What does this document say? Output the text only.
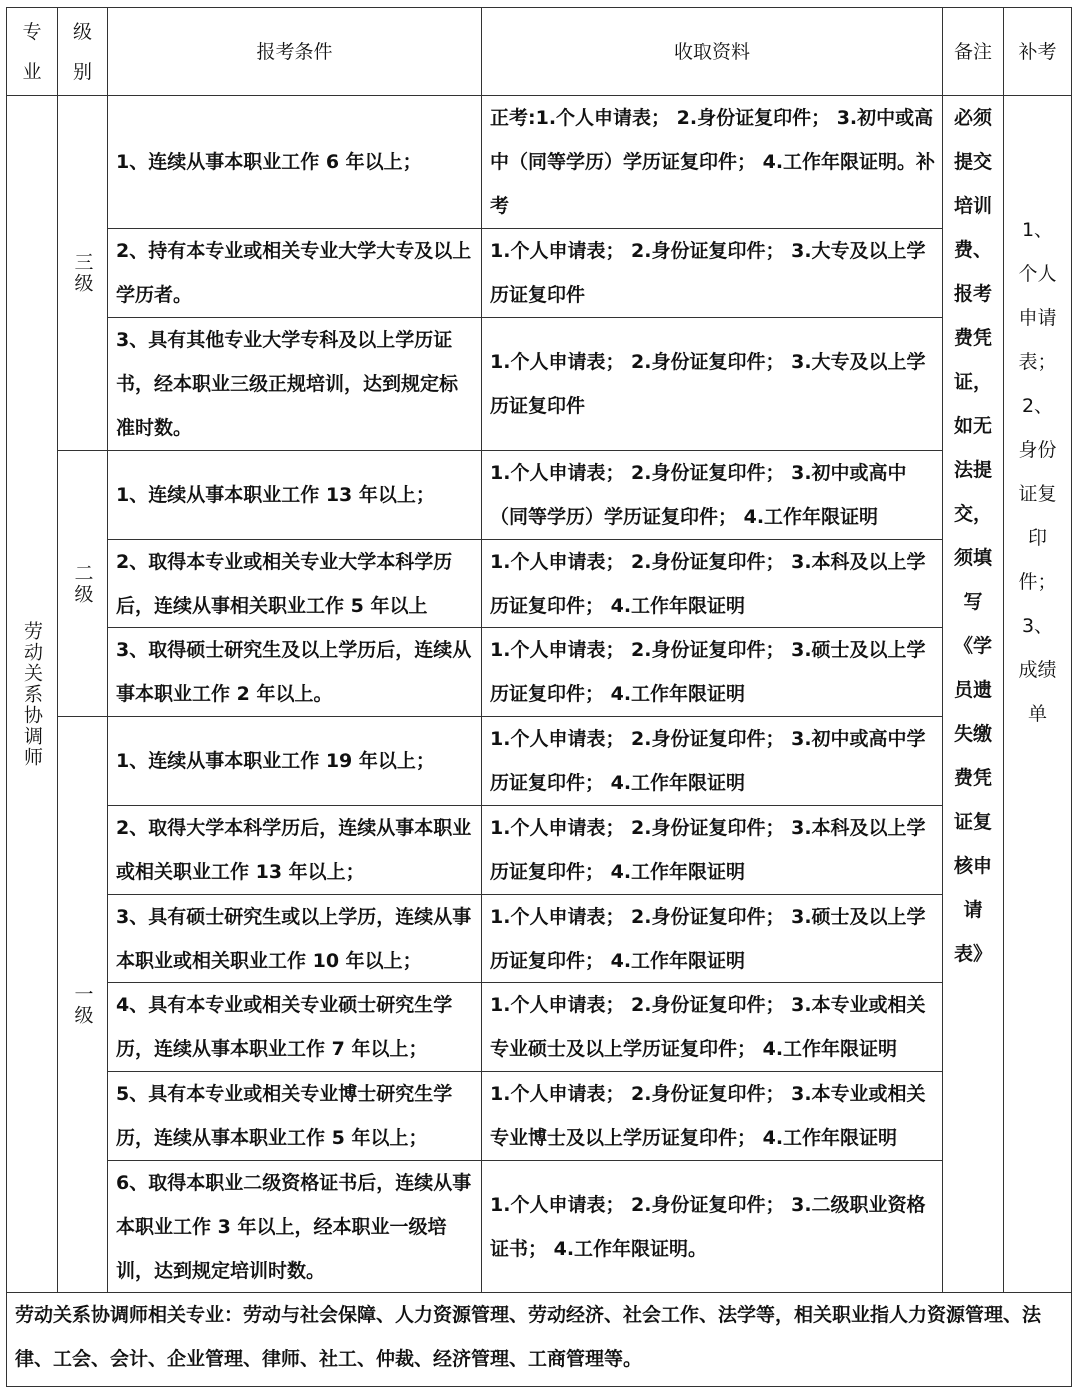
专业
级别
报考条件	收取资料	备注 补考
劳动关系协调师
三级
二级
一级
1、连续从事本职业工作 6 年以上；
正考:1.个人申请表； 2.身份证复印件； 3.初中或高中（同等学历）学历证复印件； 4.工作年限证明。补考
2、持有本专业或相关专业大学大专及以上学历者。
1.个人申请表； 2.身份证复印件； 3.大专及以上学历证复印件
3、具有其他专业大学专科及以上学历证书，经本职业三级正规培训，达到规定标准时数。
1.个人申请表； 2.身份证复印件； 3.大专及以上学历证复印件
1、连续从事本职业工作 13 年以上；
1.个人申请表； 2.身份证复印件； 3.初中或高中（同等学历）学历证复印件； 4.工作年限证明
2、取得本专业或相关专业大学本科学历后，连续从事相关职业工作 5 年以上
1.个人申请表； 2.身份证复印件； 3.本科及以上学历证复印件； 4.工作年限证明
3、取得硕士研究生及以上学历后，连续从事本职业工作 2 年以上。
1.个人申请表； 2.身份证复印件； 3.硕士及以上学历证复印件； 4.工作年限证明
1、连续从事本职业工作 19 年以上；
1.个人申请表； 2.身份证复印件； 3.初中或高中学历证复印件； 4.工作年限证明
2、取得大学本科学历后，连续从事本职业或相关职业工作 13 年以上；
1.个人申请表； 2.身份证复印件； 3.本科及以上学历证复印件； 4.工作年限证明
3、具有硕士研究生或以上学历，连续从事本职业或相关职业工作 10 年以上；
1.个人申请表； 2.身份证复印件； 3.硕士及以上学历证复印件； 4.工作年限证明
4、具有本专业或相关专业硕士研究生学历，连续从事本职业工作 7 年以上；
1.个人申请表； 2.身份证复印件； 3.本专业或相关专业硕士及以上学历证复印件； 4.工作年限证明
5、具有本专业或相关专业博士研究生学历，连续从事本职业工作 5 年以上；
1.个人申请表； 2.身份证复印件； 3.本专业或相关专业博士及以上学历证复印件； 4.工作年限证明
6、取得本职业二级资格证书后，连续从事本职业工作 3 年以上，经本职业一级培训，达到规定培训时数。
1.个人申请表； 2.身份证复印件； 3.二级职业资格证书； 4.工作年限证明。
必须提交培训费、报考费凭证，如无法提交，须填写《学员遗失缴费凭证复核申请表》
1、个人申请表；2、身份证复印件；3、成绩单
劳动关系协调师相关专业：劳动与社会保障、人力资源管理、劳动经济、社会工作、法学等，相关职业指人力资源管理、法律、工会、会计、企业管理、律师、社工、仲裁、经济管理、工商管理等。
